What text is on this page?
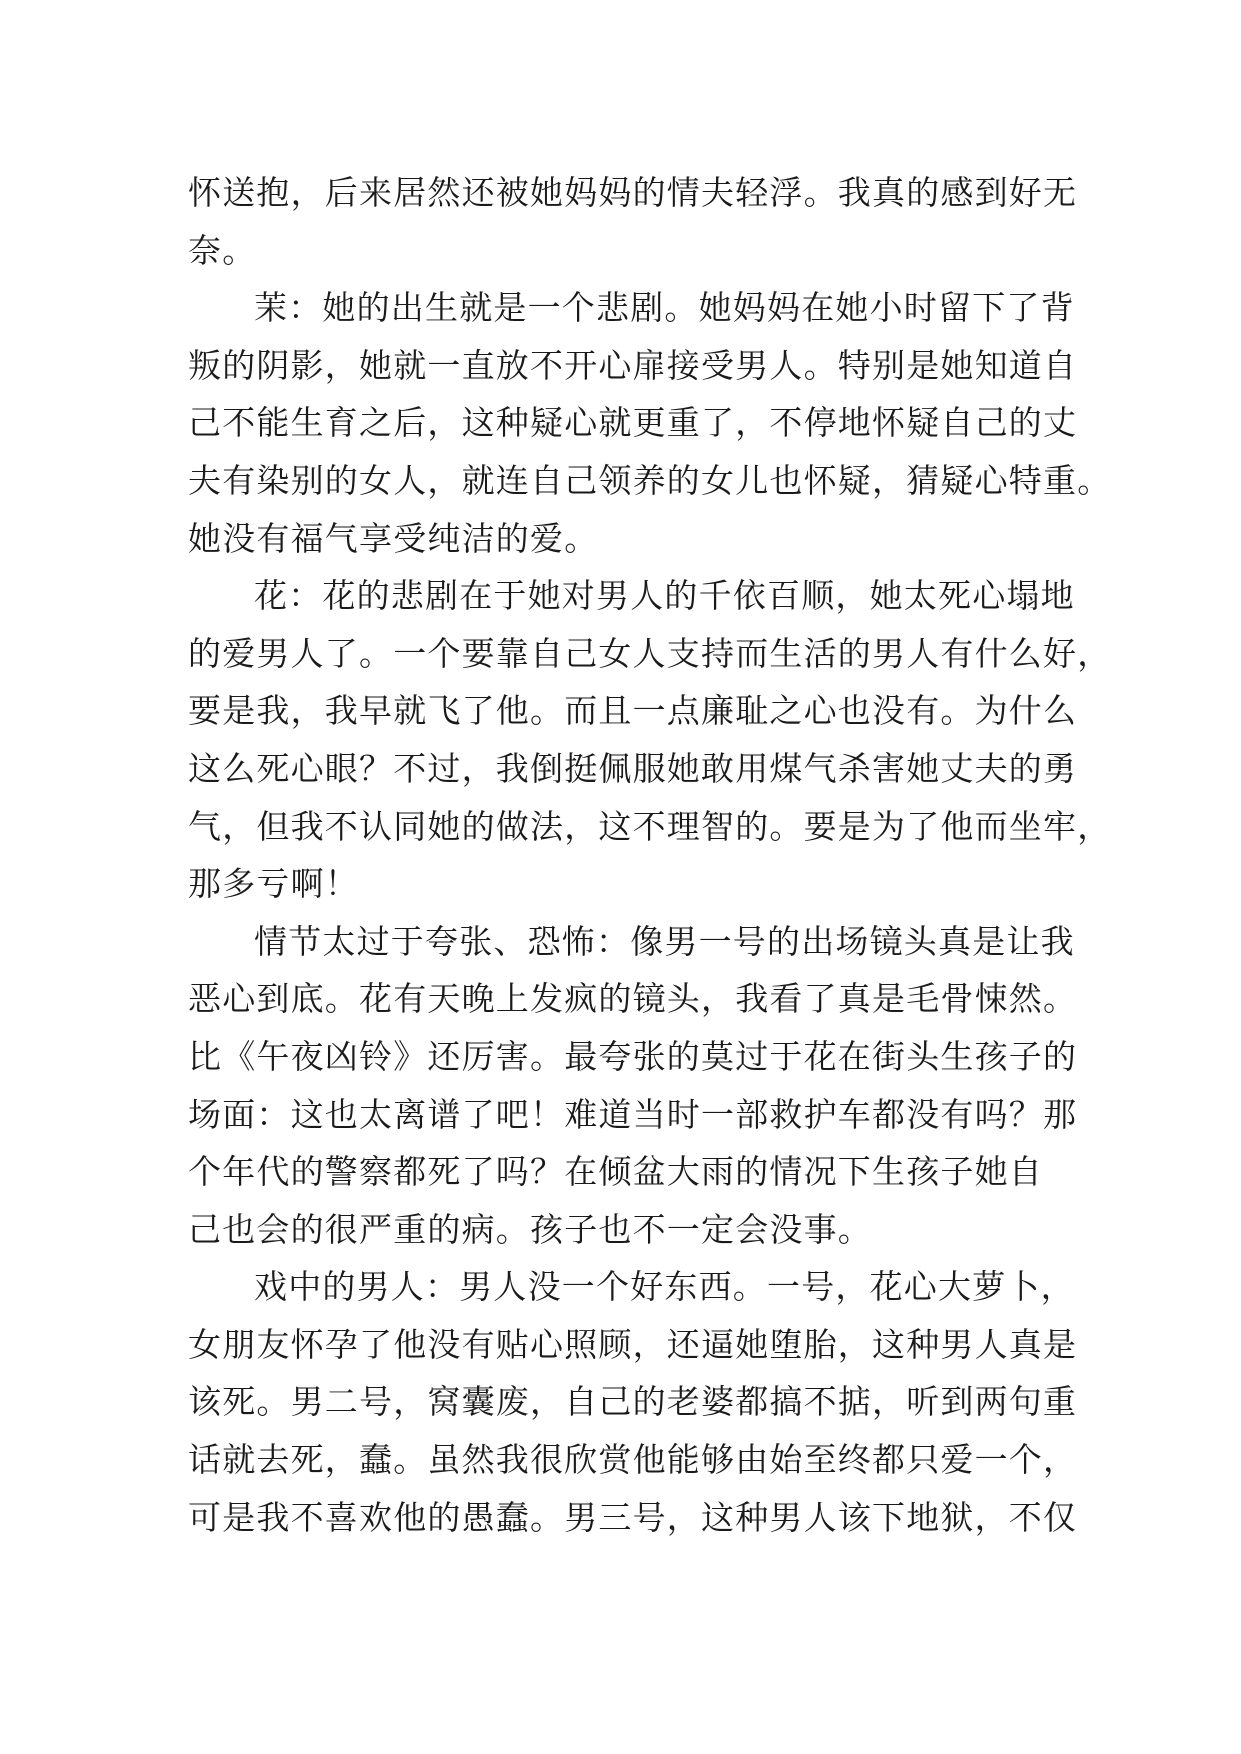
怀送抱，后来居然还被她妈妈的情夫轻浮。我真的感到好无
奈。
茉：她的出生就是一个悲剧。她妈妈在她小时留下了背
叛的阴影，她就一直放不开心扉接受男人。特别是她知道自
己不能生育之后，这种疑心就更重了，不停地怀疑自己的丈
夫有染别的女人，就连自己领养的女儿也怀疑，猜疑心特重。
她没有福气享受纯洁的爱。
花：花的悲剧在于她对男人的千依百顺，她太死心塌地
的爱男人了。一个要靠自己女人支持而生活的男人有什么好，
要是我，我早就飞了他。而且一点廉耻之心也没有。为什么
这么死心眼？不过，我倒挺佩服她敢用煤气杀害她丈夫的勇
气，但我不认同她的做法，这不理智的。要是为了他而坐牢，
那多亏啊！
情节太过于夸张、恐怖：像男一号的出场镜头真是让我
恶心到底。花有天晚上发疯的镜头，我看了真是毛骨悚然。
比《午夜凶铃》还厉害。最夸张的莫过于花在街头生孩子的
场面：这也太离谱了吧！难道当时一部救护车都没有吗？那
个年代的警察都死了吗？在倾盆大雨的情况下生孩子她自
己也会的很严重的病。孩子也不一定会没事。
戏中的男人：男人没一个好东西。一号，花心大萝卜，
女朋友怀孕了他没有贴心照顾，还逼她堕胎，这种男人真是
该死。男二号，窝囊废，自己的老婆都搞不掂，听到两句重
话就去死，蠢。虽然我很欣赏他能够由始至终都只爱一个，
可是我不喜欢他的愚蠢。男三号，这种男人该下地狱，不仅
